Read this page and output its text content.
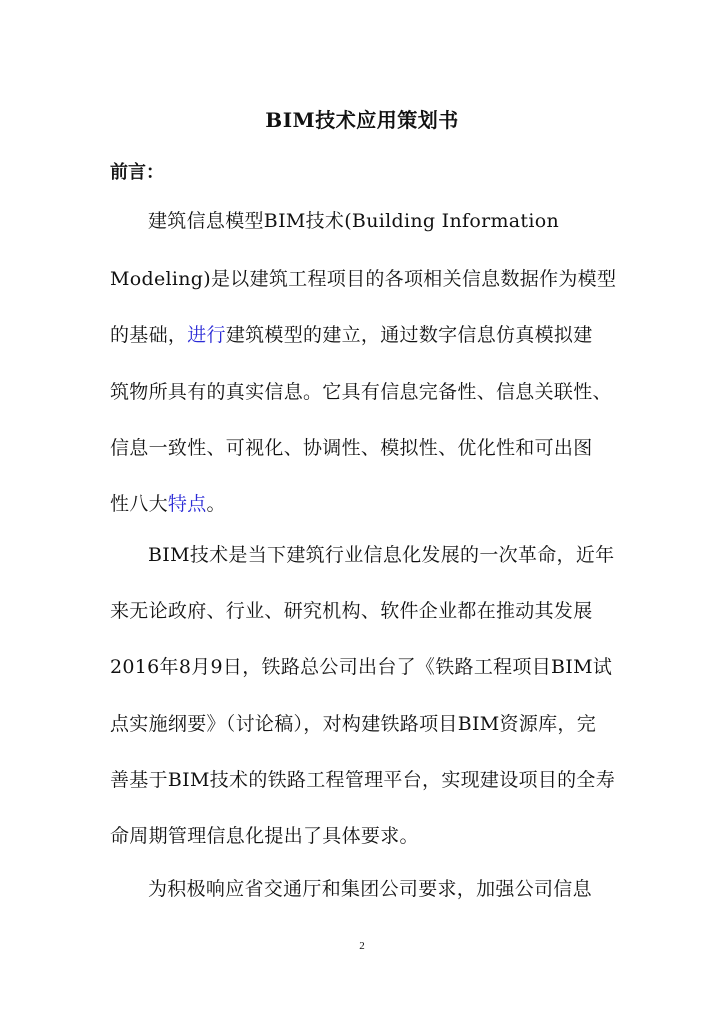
BIM技术应用策划书
前言：
建筑信息模型BIM技术(Building Information
Modeling)是以建筑工程项目的各项相关信息数据作为模型
的基础，进行建筑模型的建立，通过数字信息仿真模拟建
筑物所具有的真实信息。它具有信息完备性、信息关联性、
信息一致性、可视化、协调性、模拟性、优化性和可出图
性八大特点。
BIM技术是当下建筑行业信息化发展的一次革命，近年
来无论政府、行业、研究机构、软件企业都在推动其发展
2016年8月9日，铁路总公司出台了《铁路工程项目BIM试
点实施纲要》（讨论稿），对构建铁路项目BIM资源库，完
善基于BIM技术的铁路工程管理平台，实现建设项目的全寿
命周期管理信息化提出了具体要求。
为积极响应省交通厅和集团公司要求，加强公司信息
2
